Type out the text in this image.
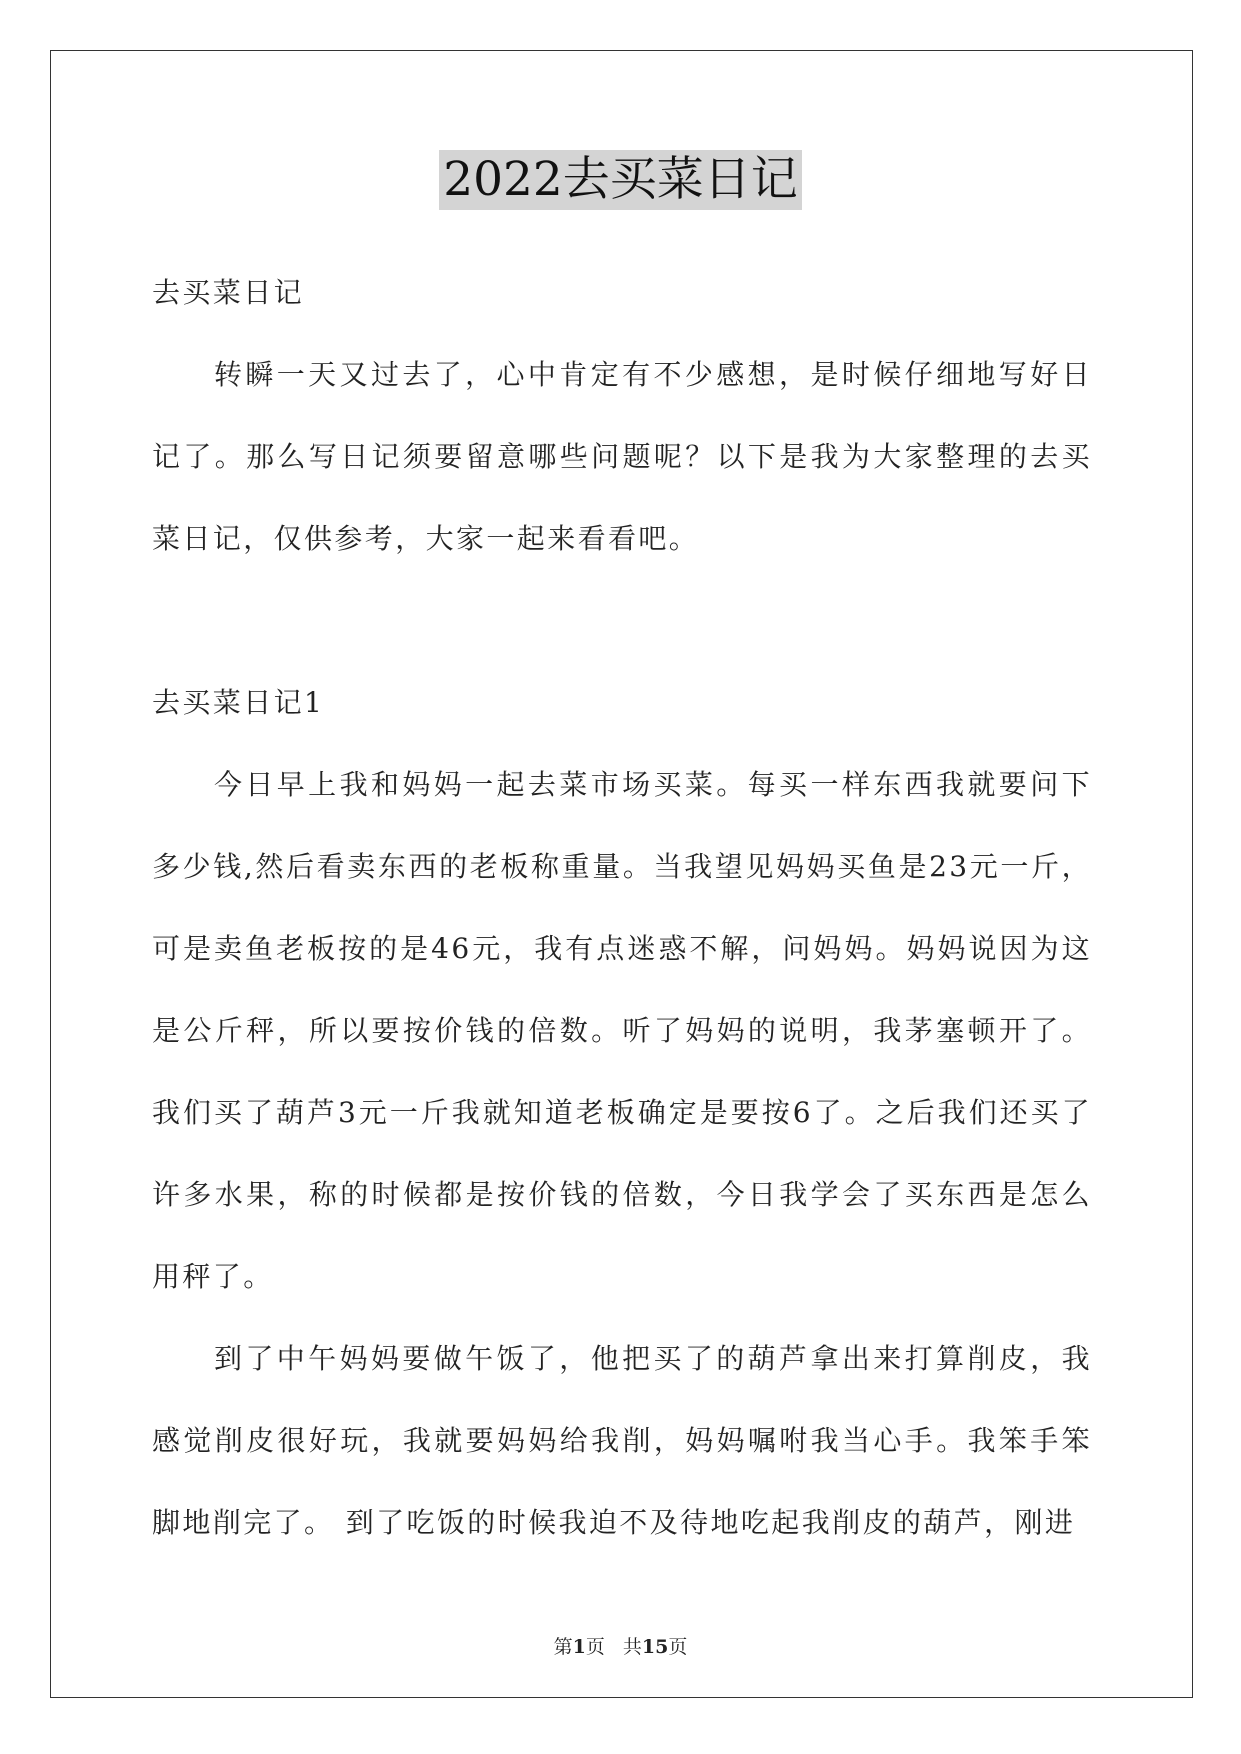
2022去买菜日记

去买菜日记

转瞬一天又过去了，心中肯定有不少感想，是时候仔细地写好日记了。那么写日记须要留意哪些问题呢？以下是我为大家整理的去买菜日记，仅供参考，大家一起来看看吧。

去买菜日记1

今日早上我和妈妈一起去菜市场买菜。每买一样东西我就要问下多少钱,然后看卖东西的老板称重量。当我望见妈妈买鱼是23元一斤，可是卖鱼老板按的是46元，我有点迷惑不解，问妈妈。妈妈说因为这是公斤秤，所以要按价钱的倍数。听了妈妈的说明，我茅塞顿开了。我们买了葫芦3元一斤我就知道老板确定是要按6了。之后我们还买了许多水果，称的时候都是按价钱的倍数，今日我学会了买东西是怎么用秤了。

到了中午妈妈要做午饭了，他把买了的葫芦拿出来打算削皮，我感觉削皮很好玩，我就要妈妈给我削，妈妈嘱咐我当心手。我笨手笨脚地削完了。 到了吃饭的时候我迫不及待地吃起我削皮的葫芦，刚进

第1页 共15页
